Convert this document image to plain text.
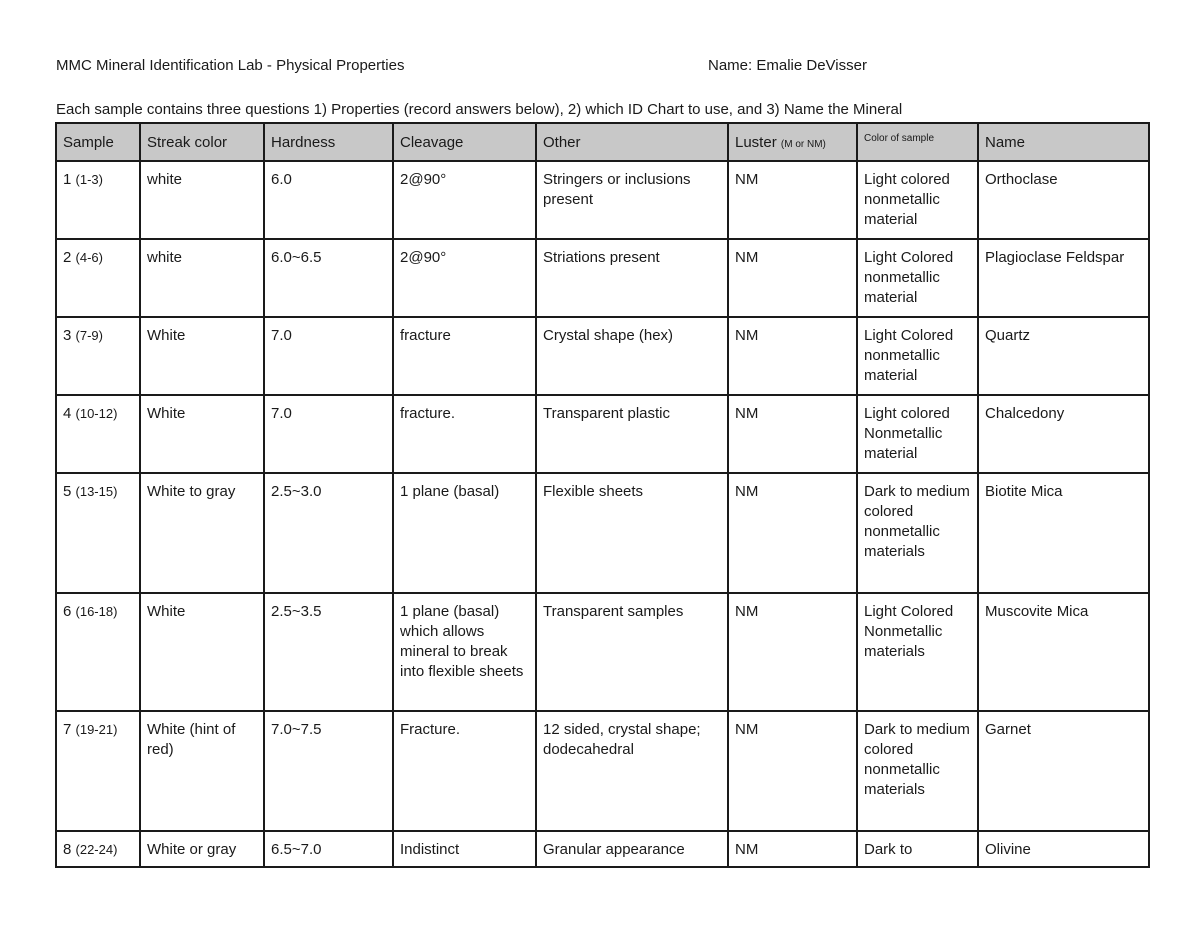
MMC Mineral Identification Lab - Physical Properties	Name: Emalie DeVisser
Each sample contains three questions 1) Properties (record answers below), 2) which ID Chart to use, and 3) Name the Mineral
Sample	Streak color	Hardness	Cleavage	Other	Luster (M or NM)	Color of sample	Name
1 (1-3)	white	6.0	2@90°	Stringers or inclusions present	NM	Light colored nonmetallic material	Orthoclase
2 (4-6)	white	6.0~6.5	2@90°	Striations present	NM	Light Colored nonmetallic material	Plagioclase Feldspar
3 (7-9)	White	7.0	fracture	Crystal shape (hex)	NM	Light Colored nonmetallic material	Quartz
4 (10-12)	White	7.0	fracture.	Transparent plastic	NM	Light colored Nonmetallic material	Chalcedony
5 (13-15)	White to gray	2.5~3.0	1 plane (basal)	Flexible sheets	NM	Dark to medium colored nonmetallic materials	Biotite Mica
6 (16-18)	White	2.5~3.5	1 plane (basal) which allows mineral to break into flexible sheets	Transparent samples	NM	Light Colored Nonmetallic materials	Muscovite Mica
7 (19-21)	White (hint of red)	7.0~7.5	Fracture.	12 sided, crystal shape; dodecahedral	NM	Dark to medium colored nonmetallic materials	Garnet
8 (22-24)	White or gray	6.5~7.0	Indistinct	Granular appearance	NM	Dark to	Olivine
